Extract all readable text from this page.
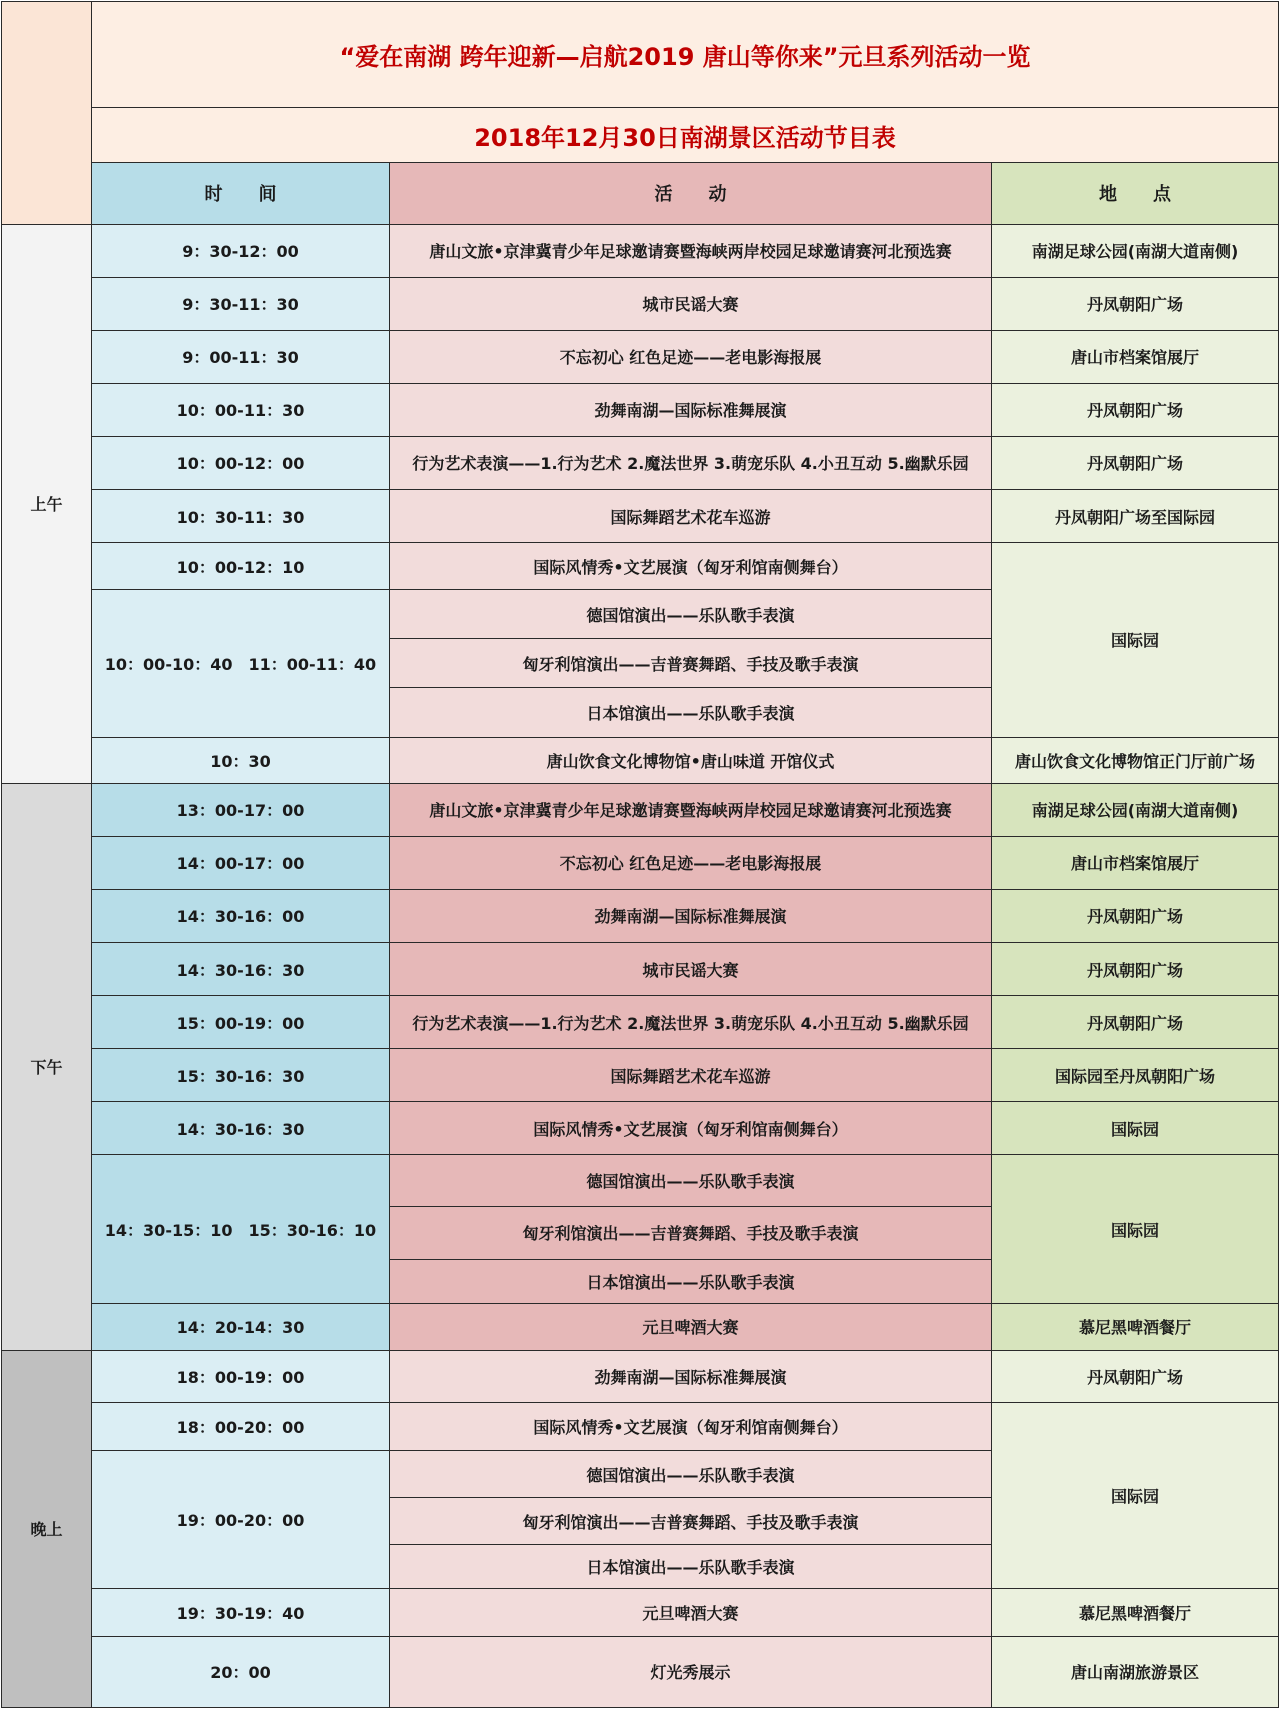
	“爱在南湖 跨年迎新—启航2019 唐山等你来”元旦系列活动一览		
	2018年12月30日南湖景区活动节目表		
	时　　间	活　　动	地　　点
上午	9：30-12：00	唐山文旅•京津冀青少年足球邀请赛暨海峡两岸校园足球邀请赛河北预选赛	南湖足球公园(南湖大道南侧)
	9：30-11：30	城市民谣大赛	丹凤朝阳广场
	9：00-11：30	不忘初心 红色足迹——老电影海报展	唐山市档案馆展厅
	10：00-11：30	劲舞南湖—国际标准舞展演	丹凤朝阳广场
	10：00-12：00	行为艺术表演——1.行为艺术 2.魔法世界 3.萌宠乐队 4.小丑互动 5.幽默乐园	丹凤朝阳广场
	10：30-11：30	国际舞蹈艺术花车巡游	丹凤朝阳广场至国际园
	10：00-12：10	国际风情秀•文艺展演（匈牙利馆南侧舞台）	国际园
	10：00-10：40　11：00-11：40	德国馆演出——乐队歌手表演	
		匈牙利馆演出——吉普赛舞蹈、手技及歌手表演	
		日本馆演出——乐队歌手表演	
	10：30	唐山饮食文化博物馆•唐山味道 开馆仪式	唐山饮食文化博物馆正门厅前广场
下午	13：00-17：00	唐山文旅•京津冀青少年足球邀请赛暨海峡两岸校园足球邀请赛河北预选赛	南湖足球公园(南湖大道南侧)
	14：00-17：00	不忘初心 红色足迹——老电影海报展	唐山市档案馆展厅
	14：30-16：00	劲舞南湖—国际标准舞展演	丹凤朝阳广场
	14：30-16：30	城市民谣大赛	丹凤朝阳广场
	15：00-19：00	行为艺术表演——1.行为艺术 2.魔法世界 3.萌宠乐队 4.小丑互动 5.幽默乐园	丹凤朝阳广场
	15：30-16：30	国际舞蹈艺术花车巡游	国际园至丹凤朝阳广场
	14：30-16：30	国际风情秀•文艺展演（匈牙利馆南侧舞台）	国际园
	14：30-15：10　15：30-16：10	德国馆演出——乐队歌手表演	国际园
		匈牙利馆演出——吉普赛舞蹈、手技及歌手表演	
		日本馆演出——乐队歌手表演	
	14：20-14：30	元旦啤酒大赛	慕尼黑啤酒餐厅
晚上	18：00-19：00	劲舞南湖—国际标准舞展演	丹凤朝阳广场
	18：00-20：00	国际风情秀•文艺展演（匈牙利馆南侧舞台）	国际园
	19：00-20：00	德国馆演出——乐队歌手表演	
		匈牙利馆演出——吉普赛舞蹈、手技及歌手表演	
		日本馆演出——乐队歌手表演	
	19：30-19：40	元旦啤酒大赛	慕尼黑啤酒餐厅
	20：00	灯光秀展示	唐山南湖旅游景区
